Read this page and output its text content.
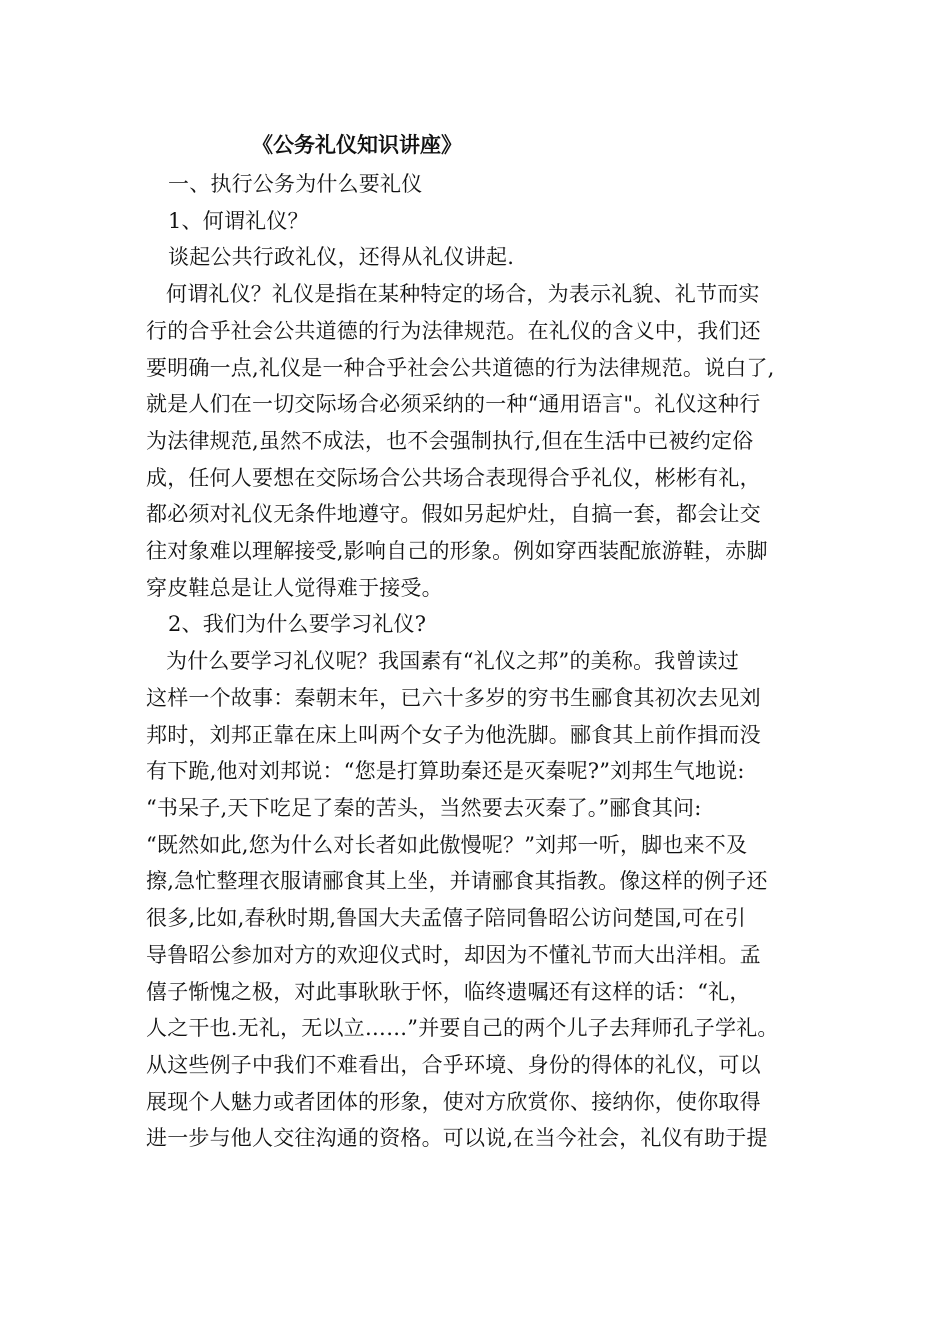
《公务礼仪知识讲座》
一、执行公务为什么要礼仪
1、何谓礼仪？
谈起公共行政礼仪，还得从礼仪讲起.
何谓礼仪？礼仪是指在某种特定的场合，为表示礼貌、礼节而实
行的合乎社会公共道德的行为法律规范。在礼仪的含义中，我们还
要明确一点,礼仪是一种合乎社会公共道德的行为法律规范。说白了,
就是人们在一切交际场合必须采纳的一种“通用语言"。礼仪这种行
为法律规范,虽然不成法，也不会强制执行,但在生活中已被约定俗
成，任何人要想在交际场合公共场合表现得合乎礼仪，彬彬有礼，
都必须对礼仪无条件地遵守。假如另起炉灶，自搞一套，都会让交
往对象难以理解接受,影响自己的形象。例如穿西装配旅游鞋，赤脚
穿皮鞋总是让人觉得难于接受。
2、我们为什么要学习礼仪?
为什么要学习礼仪呢？我国素有“礼仪之邦”的美称。我曾读过
这样一个故事：秦朝末年，已六十多岁的穷书生郦食其初次去见刘
邦时，刘邦正靠在床上叫两个女子为他洗脚。郦食其上前作揖而没
有下跪,他对刘邦说：“您是打算助秦还是灭秦呢?”刘邦生气地说:
“书呆子,天下吃足了秦的苦头，当然要去灭秦了。”郦食其问:
“既然如此,您为什么对长者如此傲慢呢？”刘邦一听，脚也来不及
擦,急忙整理衣服请郦食其上坐，并请郦食其指教。像这样的例子还
很多,比如,春秋时期,鲁国大夫孟僖子陪同鲁昭公访问楚国,可在引
导鲁昭公参加对方的欢迎仪式时，却因为不懂礼节而大出洋相。孟
僖子惭愧之极，对此事耿耿于怀，临终遗嘱还有这样的话：“礼，
人之干也.无礼，无以立……”并要自己的两个儿子去拜师孔子学礼。
从这些例子中我们不难看出，合乎环境、身份的得体的礼仪，可以
展现个人魅力或者团体的形象，使对方欣赏你、接纳你，使你取得
进一步与他人交往沟通的资格。可以说,在当今社会，礼仪有助于提
